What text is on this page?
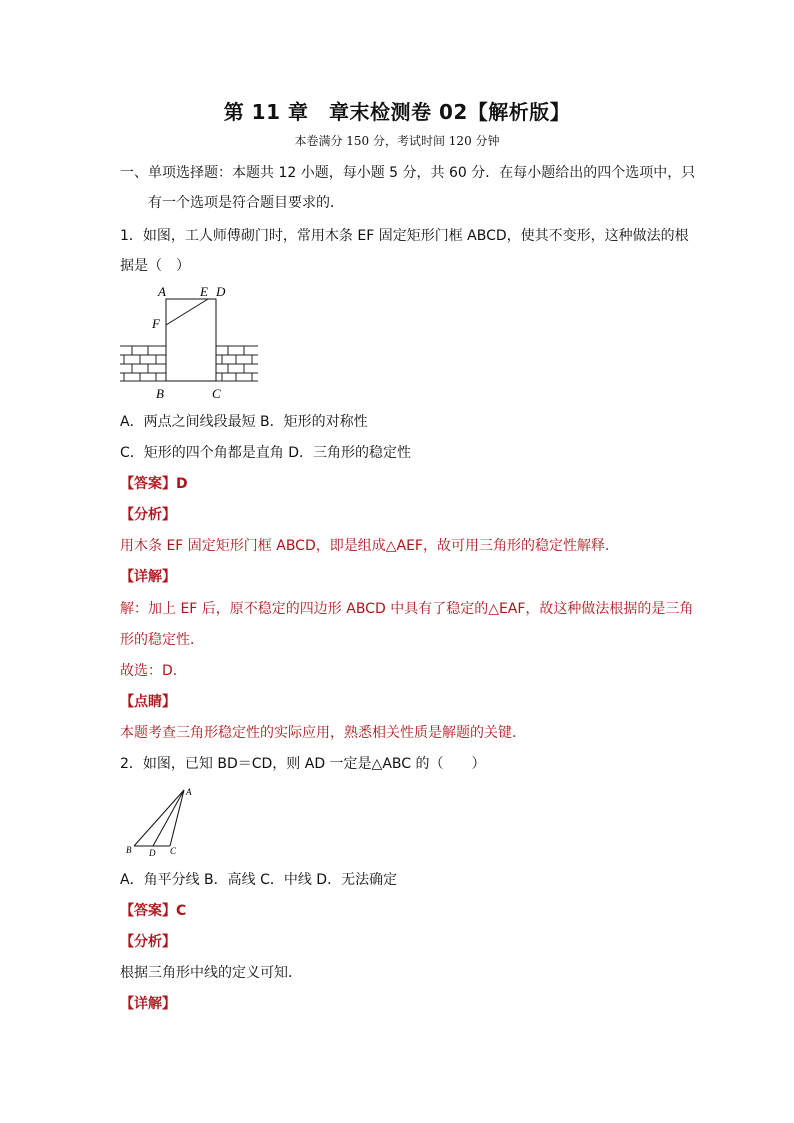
第 11 章　章末检测卷 02【解析版】
本卷满分 150 分，考试时间 120 分钟
一、单项选择题：本题共 12 小题，每小题 5 分，共 60 分．在每小题给出的四个选项中，只
有一个选项是符合题目要求的．
1．如图，工人师傅砌门时，常用木条 EF 固定矩形门框 ABCD，使其不变形，这种做法的根
据是（　）
A	E D
F
B	C
A．两点之间线段最短 B．矩形的对称性
C．矩形的四个角都是直角 D．三角形的稳定性
【答案】D
【分析】
用木条 EF 固定矩形门框 ABCD，即是组成△AEF，故可用三角形的稳定性解释．
【详解】
解：加上 EF 后，原不稳定的四边形 ABCD 中具有了稳定的△EAF，故这种做法根据的是三角
形的稳定性．
故选：D．
【点睛】
本题考查三角形稳定性的实际应用，熟悉相关性质是解题的关键．
2．如图，已知 BD＝CD，则 AD 一定是△ABC 的（　　）
A
B D C
A．角平分线 B．高线 C．中线 D．无法确定
【答案】C
【分析】
根据三角形中线的定义可知．
【详解】
